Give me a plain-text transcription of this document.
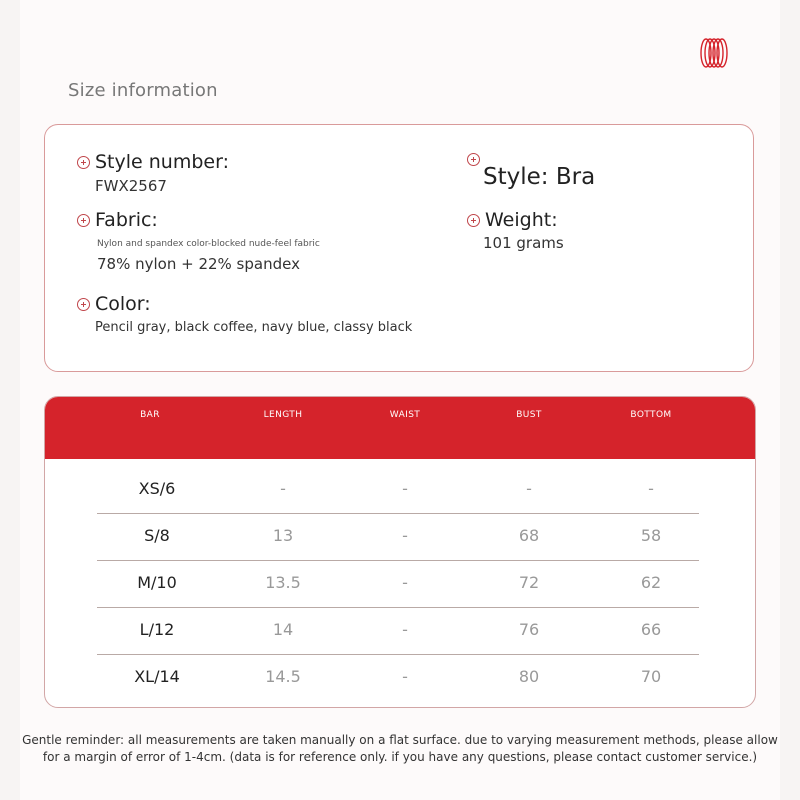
Size information
Style number:
FWX2567	Style: Bra
Fabric:
Nylon and spandex color-blocked nude-feel fabric
78% nylon + 22% spandex
Weight:
101 grams
Color:
Pencil gray, black coffee, navy blue, classy black
BAR	LENGTH	WAIST	BUST	BOTTOM
XS/6	-	-	-	-
S/8	13	-	68	58
M/10	13.5	-	72	62
L/12	14	-	76	66
XL/14	14.5	-	80	70
Gentle reminder: all measurements are taken manually on a flat surface. due to varying measurement methods, please allow
for a margin of error of 1-4cm. (data is for reference only. if you have any questions, please contact customer service.)
